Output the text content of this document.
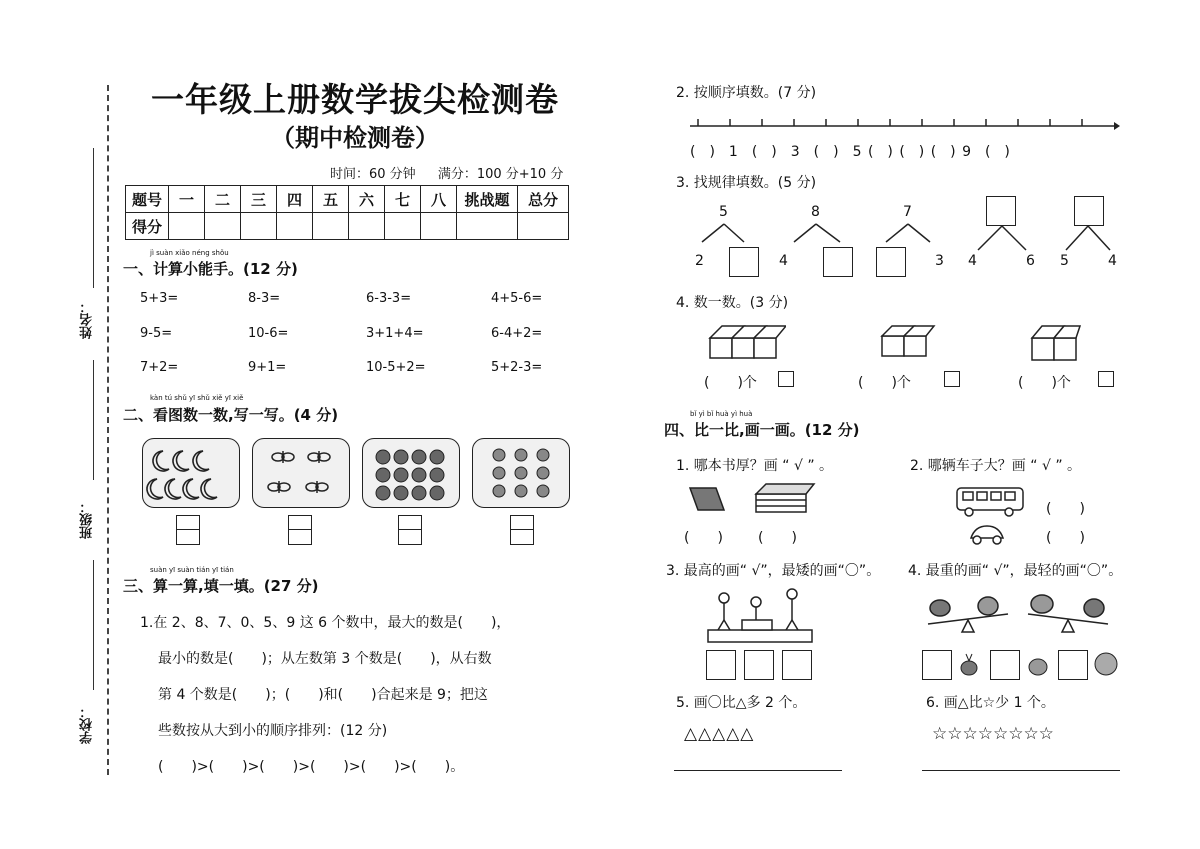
姓名：
班级：
学校：
一年级上册数学拔尖检测卷
（期中检测卷）
时间：60 分钟 满分：100 分+10 分
题号	一	二	三	四	五	六	七	八	挑战题	总分
得分										
jì suàn xiǎo néng shǒu
一、计算小能手。(12 分)
5+3=	8-3=	6-3-3=	4+5-6=
9-5=	10-6=	3+1+4=	6-4+2=
7+2=	9+1=	10-5+2=	5+2-3=
kàn tú shǔ yī shǔ xiě yī xiě
二、看图数一数,写一写。(4 分)
suàn yī suàn tián yī tián
三、算一算,填一填。(27 分)
1.在 2、8、7、0、5、9 这 6 个数中，最大的数是(　　)，
最小的数是(　　)；从左数第 3 个数是(　　)，从右数
第 4 个数是(　　)；(　　)和(　　)合起来是 9；把这
些数按从大到小的顺序排列：(12 分)
(　　)>(　　)>(　　)>(　　)>(　　)>(　　)。
2. 按顺序填数。(7 分)
(　)　1　(　)　3　(　)　5 (　) (　) (　) 9　(　)
3. 找规律填数。(5 分)
5
2
8
4
7
3 4	6 5	4
4. 数一数。(3 分)
(　　)个	(　　)个	(　　)个
bǐ yì bǐ huà yì huà
四、比一比,画一画。(12 分)
1. 哪本书厚？画 “ √ ” 。	2. 哪辆车子大？画 “ √ ” 。
(　　)	(　　)
(　　)
(　　)
3. 最高的画“ √”，最矮的画“〇”。 4. 最重的画“ √”，最轻的画“〇”。
5. 画〇比△多 2 个。	6. 画△比☆少 1 个。
△△△△△	☆☆☆☆☆☆☆☆
